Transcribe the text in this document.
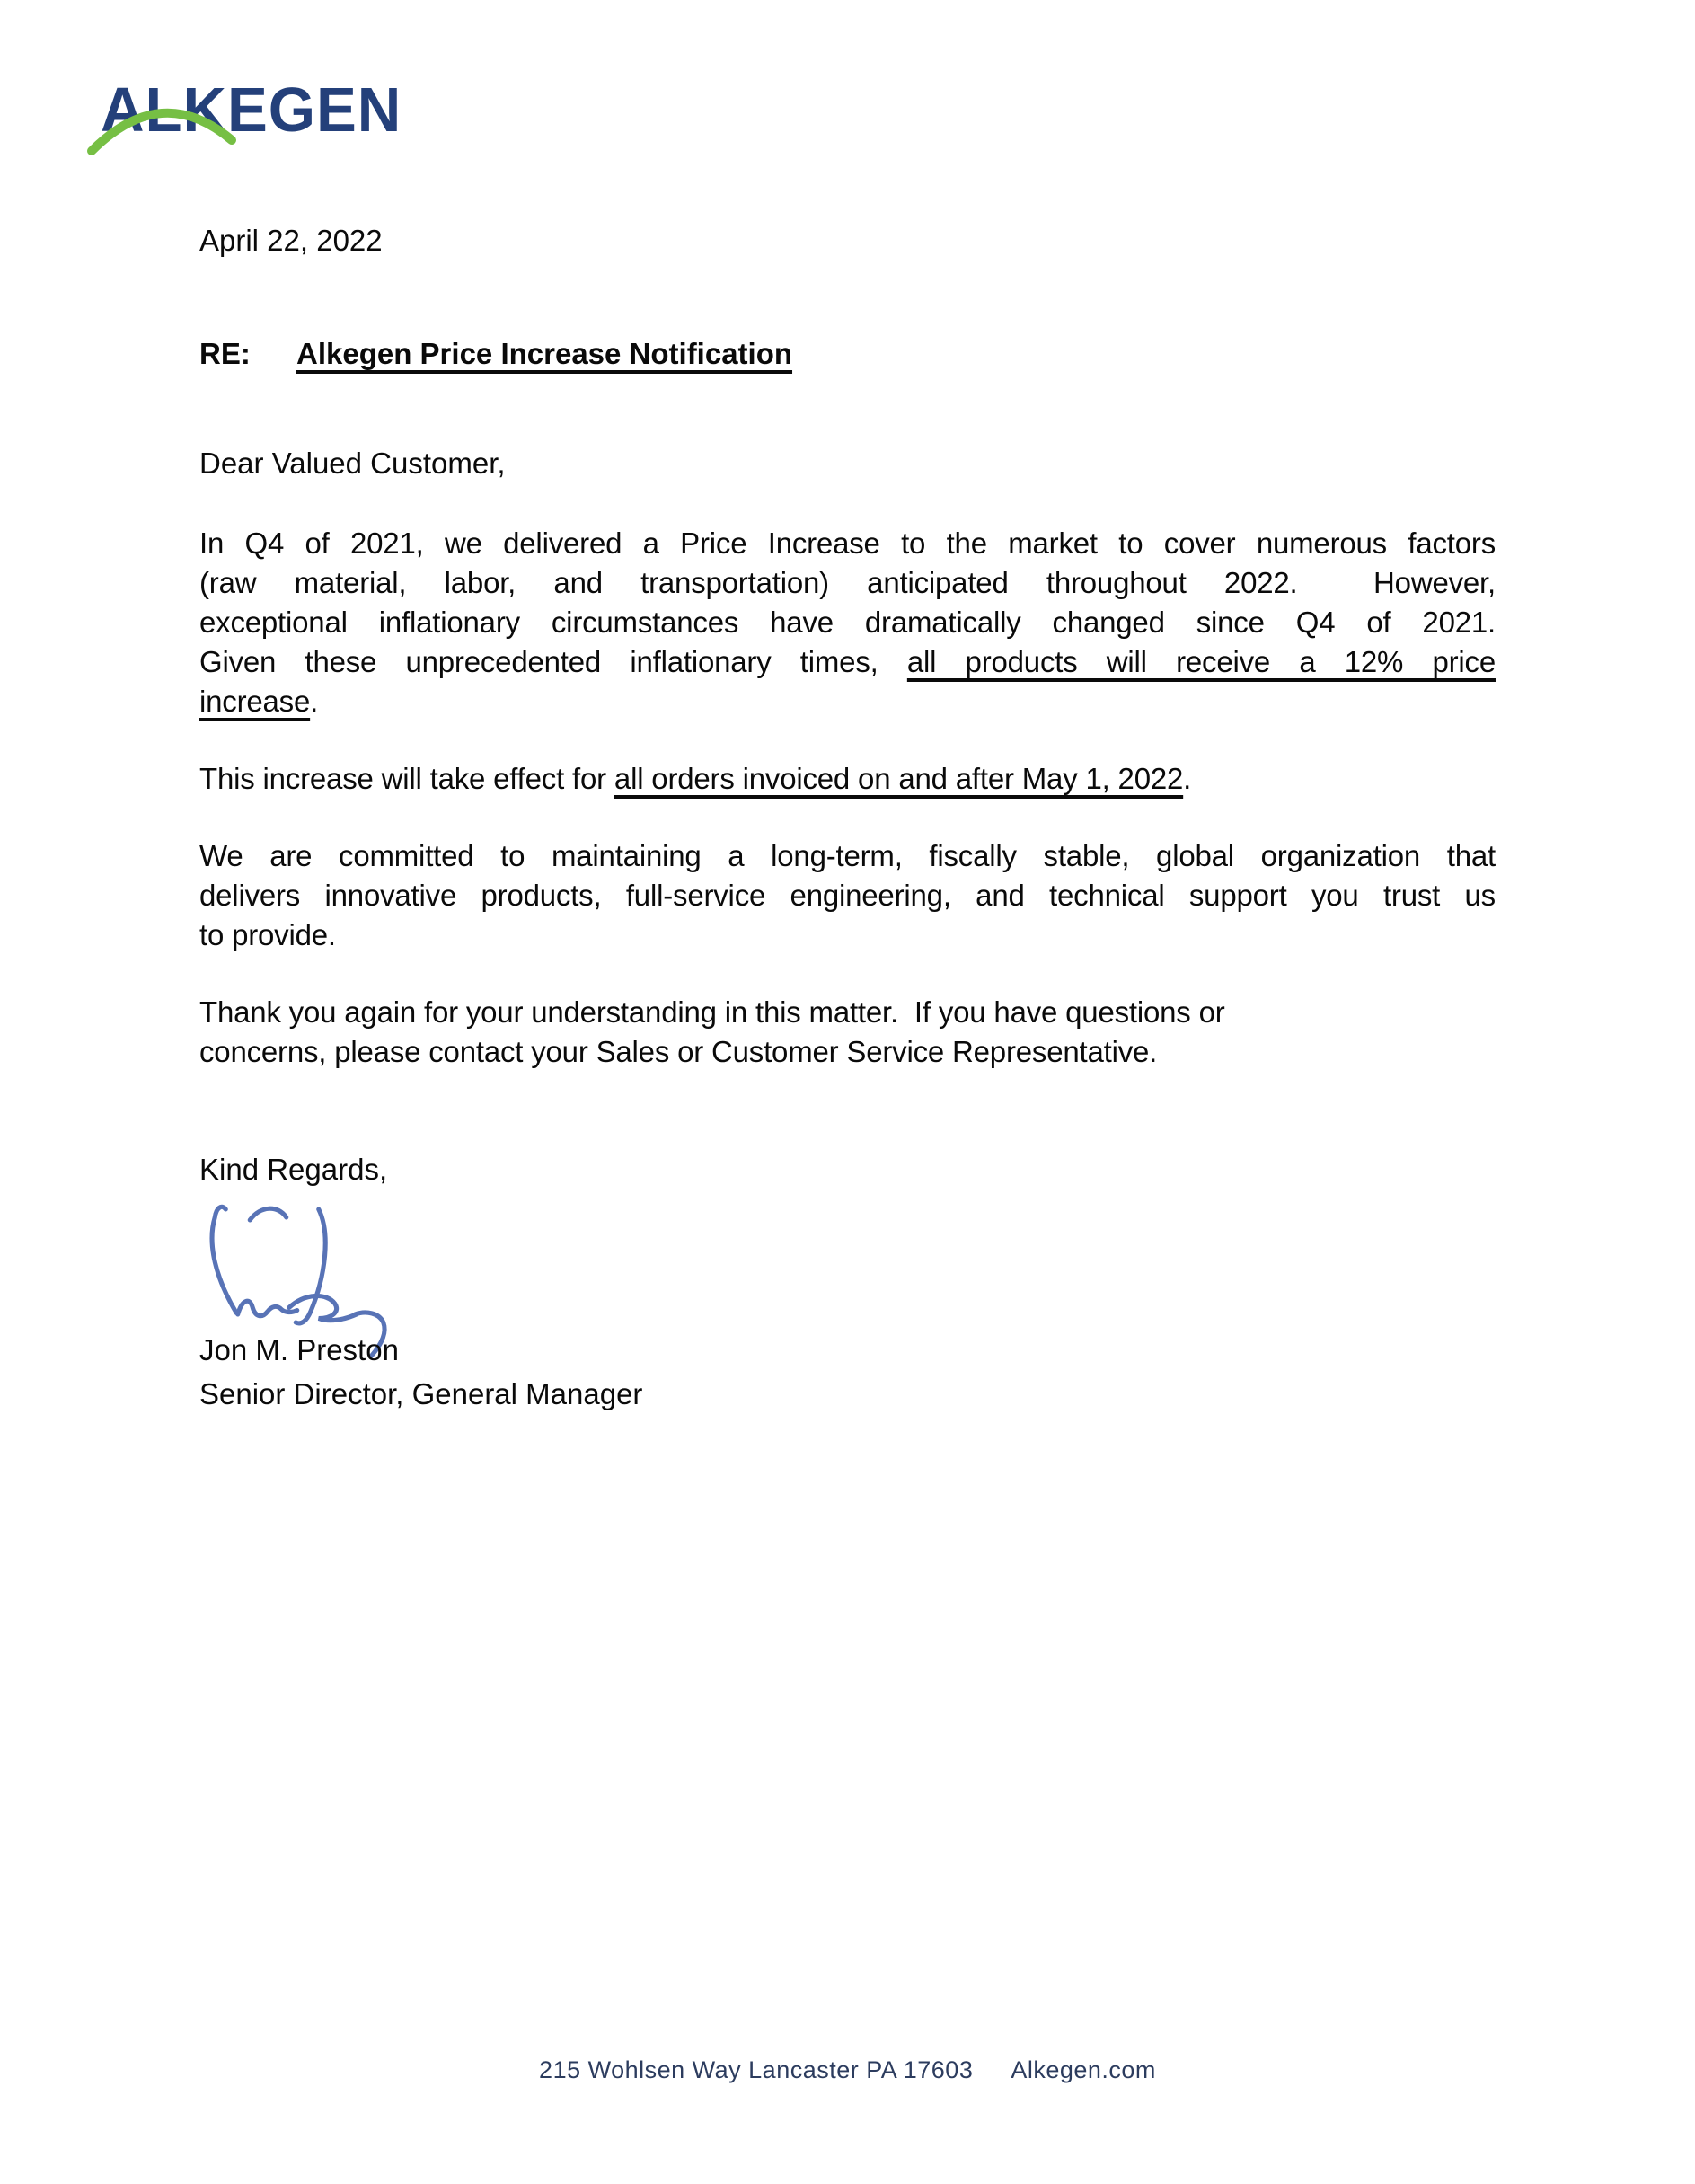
ALKEGEN
April 22, 2022
RE:	Alkegen Price Increase Notification
Dear Valued Customer,
In Q4 of 2021, we delivered a Price Increase to the market to cover numerous factors
(raw material, labor, and transportation) anticipated throughout 2022.  However,
exceptional inflationary circumstances have dramatically changed since Q4 of 2021.
Given these unprecedented inflationary times, all products will receive a 12% price
increase.
This increase will take effect for all orders invoiced on and after May 1, 2022.
We are committed to maintaining a long-term, fiscally stable, global organization that
delivers innovative products, full-service engineering, and technical support you trust us
to provide.
Thank you again for your understanding in this matter.  If you have questions or
concerns, please contact your Sales or Customer Service Representative.
Kind Regards,
Jon M. Preston
Senior Director, General Manager
215 Wohlsen Way Lancaster PA 17603 Alkegen.com
